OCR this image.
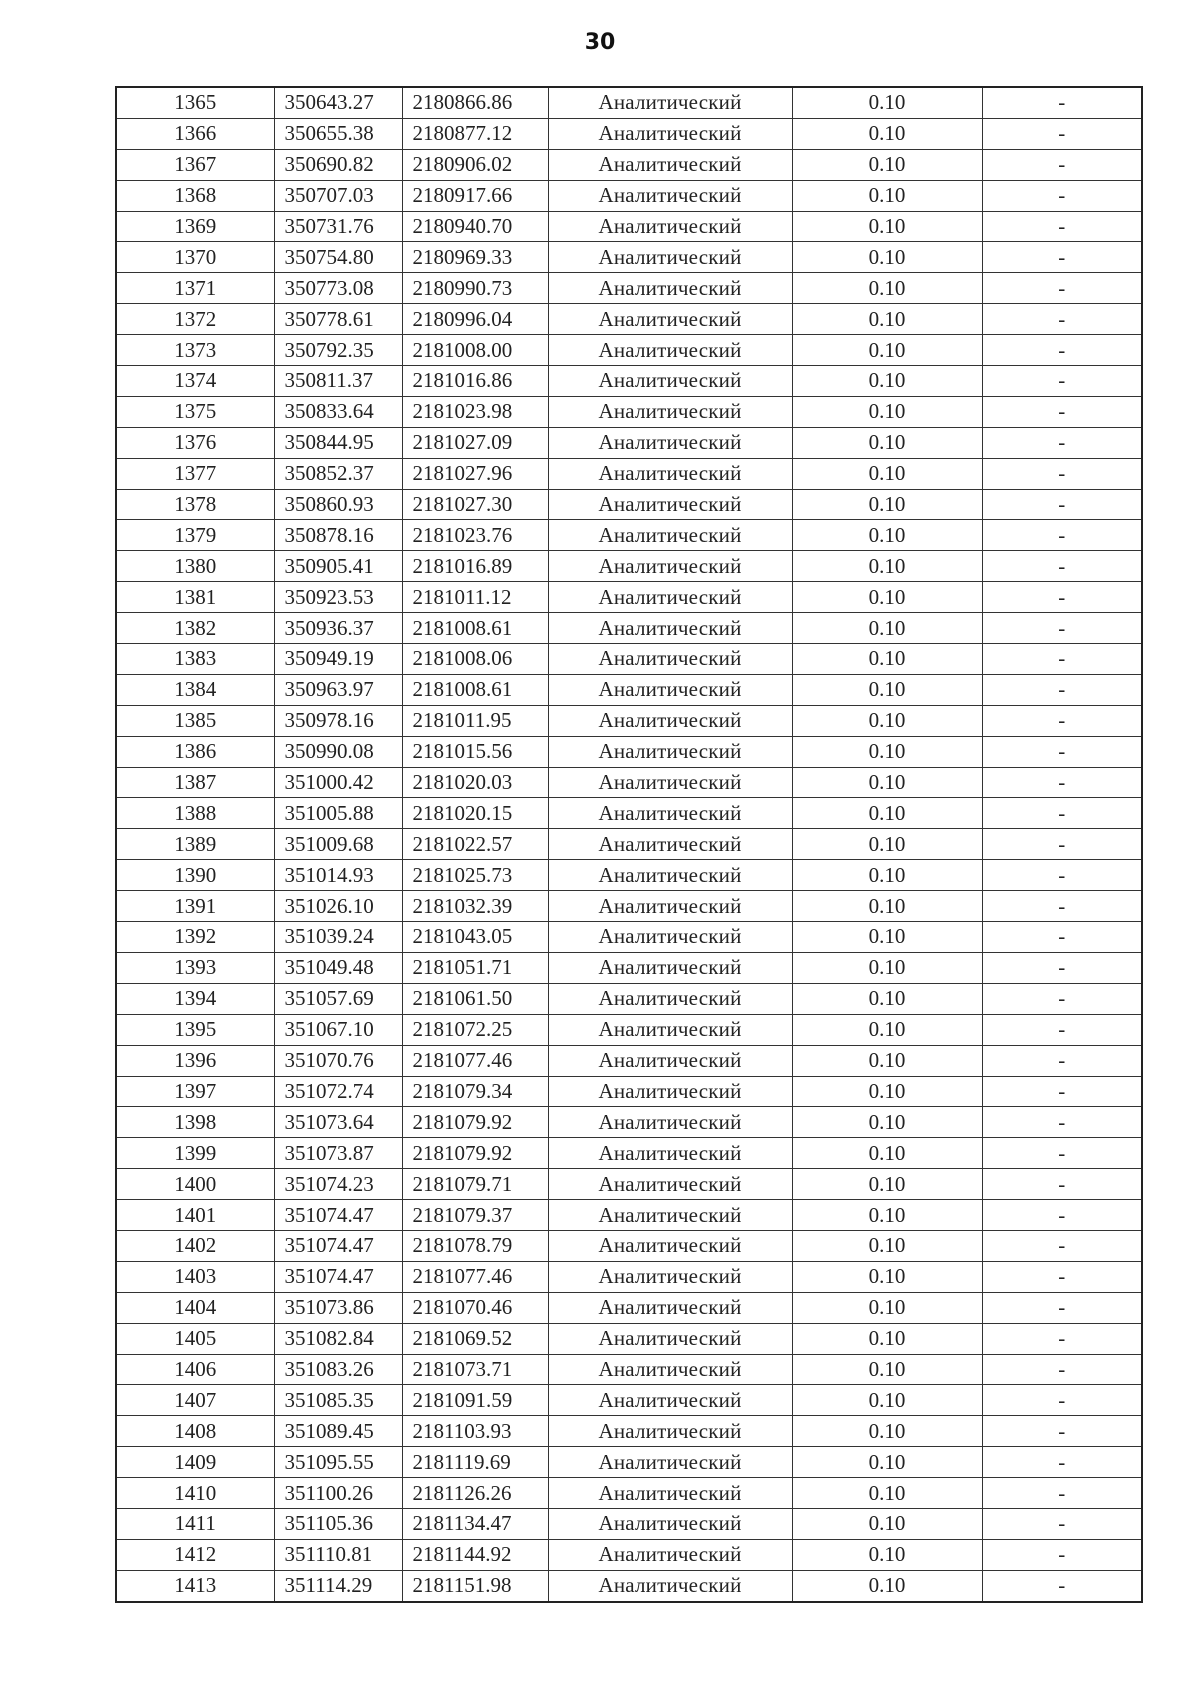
30
1365	350643.27	2180866.86	Аналитический	0.10	-
1366	350655.38	2180877.12	Аналитический	0.10	-
1367	350690.82	2180906.02	Аналитический	0.10	-
1368	350707.03	2180917.66	Аналитический	0.10	-
1369	350731.76	2180940.70	Аналитический	0.10	-
1370	350754.80	2180969.33	Аналитический	0.10	-
1371	350773.08	2180990.73	Аналитический	0.10	-
1372	350778.61	2180996.04	Аналитический	0.10	-
1373	350792.35	2181008.00	Аналитический	0.10	-
1374	350811.37	2181016.86	Аналитический	0.10	-
1375	350833.64	2181023.98	Аналитический	0.10	-
1376	350844.95	2181027.09	Аналитический	0.10	-
1377	350852.37	2181027.96	Аналитический	0.10	-
1378	350860.93	2181027.30	Аналитический	0.10	-
1379	350878.16	2181023.76	Аналитический	0.10	-
1380	350905.41	2181016.89	Аналитический	0.10	-
1381	350923.53	2181011.12	Аналитический	0.10	-
1382	350936.37	2181008.61	Аналитический	0.10	-
1383	350949.19	2181008.06	Аналитический	0.10	-
1384	350963.97	2181008.61	Аналитический	0.10	-
1385	350978.16	2181011.95	Аналитический	0.10	-
1386	350990.08	2181015.56	Аналитический	0.10	-
1387	351000.42	2181020.03	Аналитический	0.10	-
1388	351005.88	2181020.15	Аналитический	0.10	-
1389	351009.68	2181022.57	Аналитический	0.10	-
1390	351014.93	2181025.73	Аналитический	0.10	-
1391	351026.10	2181032.39	Аналитический	0.10	-
1392	351039.24	2181043.05	Аналитический	0.10	-
1393	351049.48	2181051.71	Аналитический	0.10	-
1394	351057.69	2181061.50	Аналитический	0.10	-
1395	351067.10	2181072.25	Аналитический	0.10	-
1396	351070.76	2181077.46	Аналитический	0.10	-
1397	351072.74	2181079.34	Аналитический	0.10	-
1398	351073.64	2181079.92	Аналитический	0.10	-
1399	351073.87	2181079.92	Аналитический	0.10	-
1400	351074.23	2181079.71	Аналитический	0.10	-
1401	351074.47	2181079.37	Аналитический	0.10	-
1402	351074.47	2181078.79	Аналитический	0.10	-
1403	351074.47	2181077.46	Аналитический	0.10	-
1404	351073.86	2181070.46	Аналитический	0.10	-
1405	351082.84	2181069.52	Аналитический	0.10	-
1406	351083.26	2181073.71	Аналитический	0.10	-
1407	351085.35	2181091.59	Аналитический	0.10	-
1408	351089.45	2181103.93	Аналитический	0.10	-
1409	351095.55	2181119.69	Аналитический	0.10	-
1410	351100.26	2181126.26	Аналитический	0.10	-
1411	351105.36	2181134.47	Аналитический	0.10	-
1412	351110.81	2181144.92	Аналитический	0.10	-
1413	351114.29	2181151.98	Аналитический	0.10	-
